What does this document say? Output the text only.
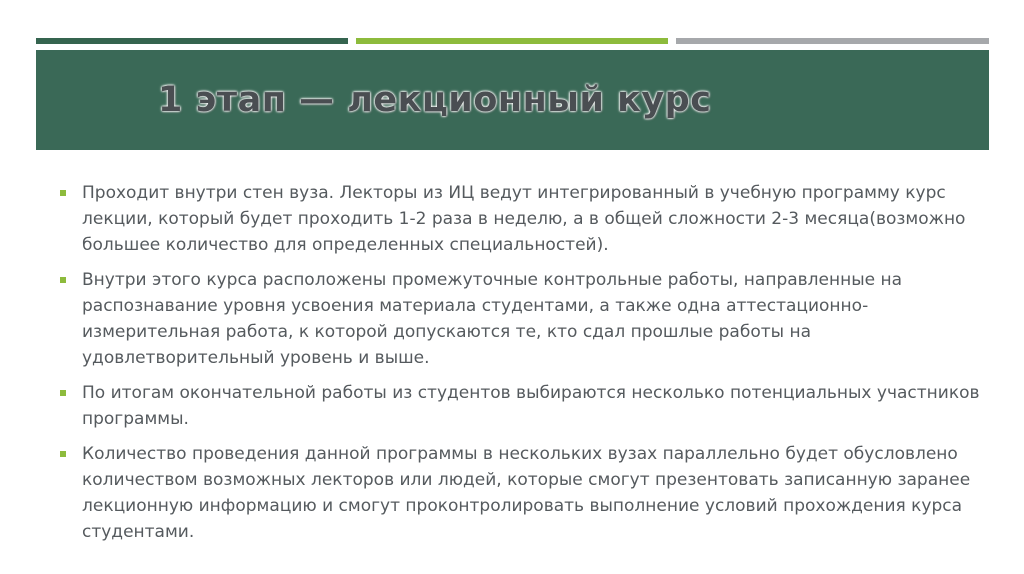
1 этап — лекционный курс
Проходит внутри стен вуза. Лекторы из ИЦ ведут интегрированный в учебную программу курс лекции, который будет проходить 1-2 раза в неделю, а в общей сложности 2-3 месяца(возможно большее количество для определенных специальностей).
Внутри этого курса расположены промежуточные контрольные работы, направленные на распознавание уровня усвоения материала студентами, а также одна аттестационно-измерительная работа, к которой допускаются те, кто сдал прошлые работы на удовлетворительный уровень и выше.
По итогам окончательной работы из студентов выбираются несколько потенциальных участников программы.
Количество проведения данной программы в нескольких вузах параллельно будет обусловлено количеством возможных лекторов или людей, которые смогут презентовать записанную заранее лекционную информацию и смогут проконтролировать выполнение условий прохождения курса студентами.
